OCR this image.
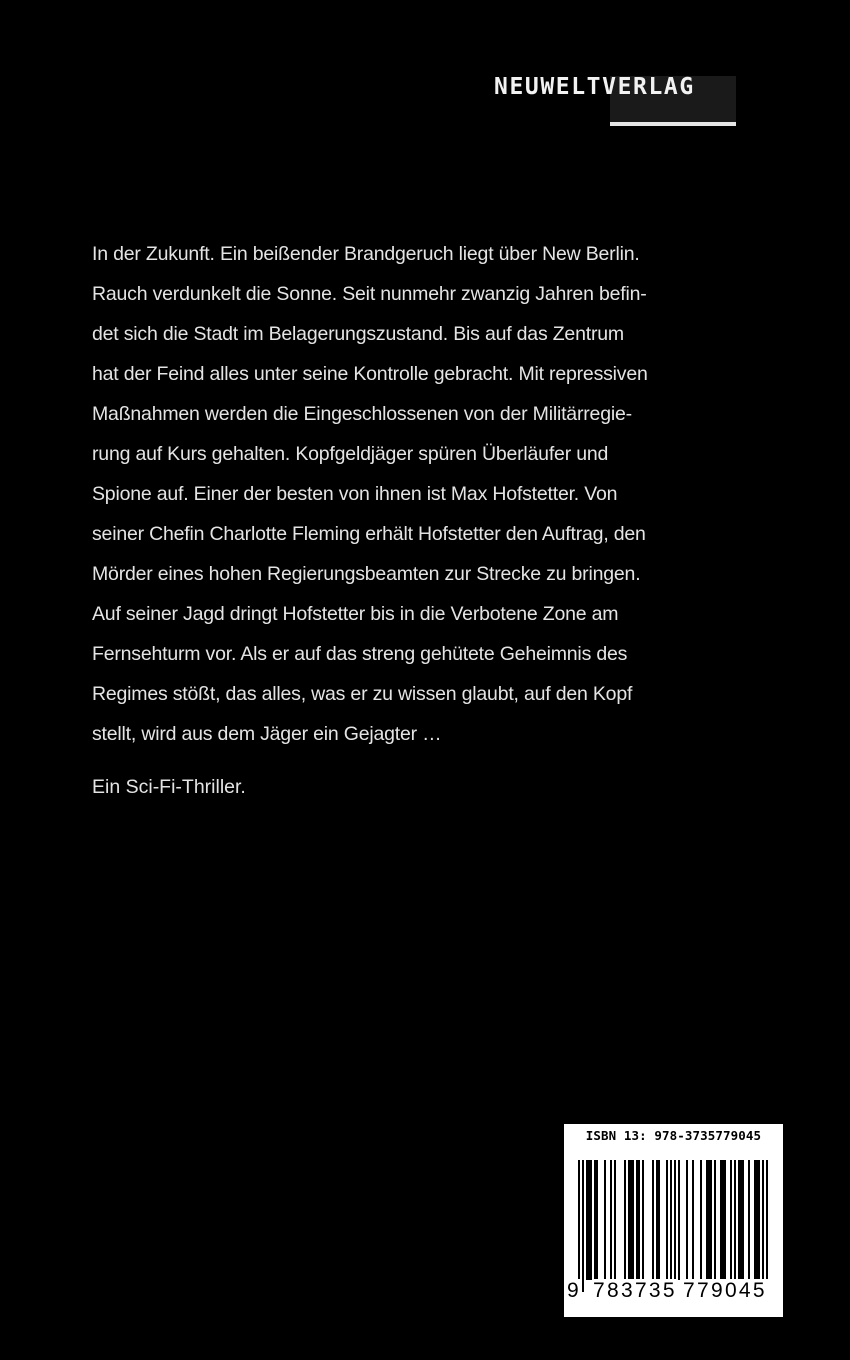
NEUWELTVERLAG
In der Zukunft. Ein beißender Brandgeruch liegt über New Berlin.
Rauch verdunkelt die Sonne. Seit nunmehr zwanzig Jahren befin-
det sich die Stadt im Belagerungszustand. Bis auf das Zentrum
hat der Feind alles unter seine Kontrolle gebracht. Mit repressiven
Maßnahmen werden die Eingeschlossenen von der Militärregie-
rung auf Kurs gehalten. Kopfgeldjäger spüren Überläufer und
Spione auf. Einer der besten von ihnen ist Max Hofstetter. Von
seiner Chefin Charlotte Fleming erhält Hofstetter den Auftrag, den
Mörder eines hohen Regierungsbeamten zur Strecke zu bringen.
Auf seiner Jagd dringt Hofstetter bis in die Verbotene Zone am
Fernsehturm vor. Als er auf das streng gehütete Geheimnis des
Regimes stößt, das alles, was er zu wissen glaubt, auf den Kopf
stellt, wird aus dem Jäger ein Gejagter …
Ein Sci-Fi-Thriller.
ISBN 13: 978-3735779045
9 783735 779045
